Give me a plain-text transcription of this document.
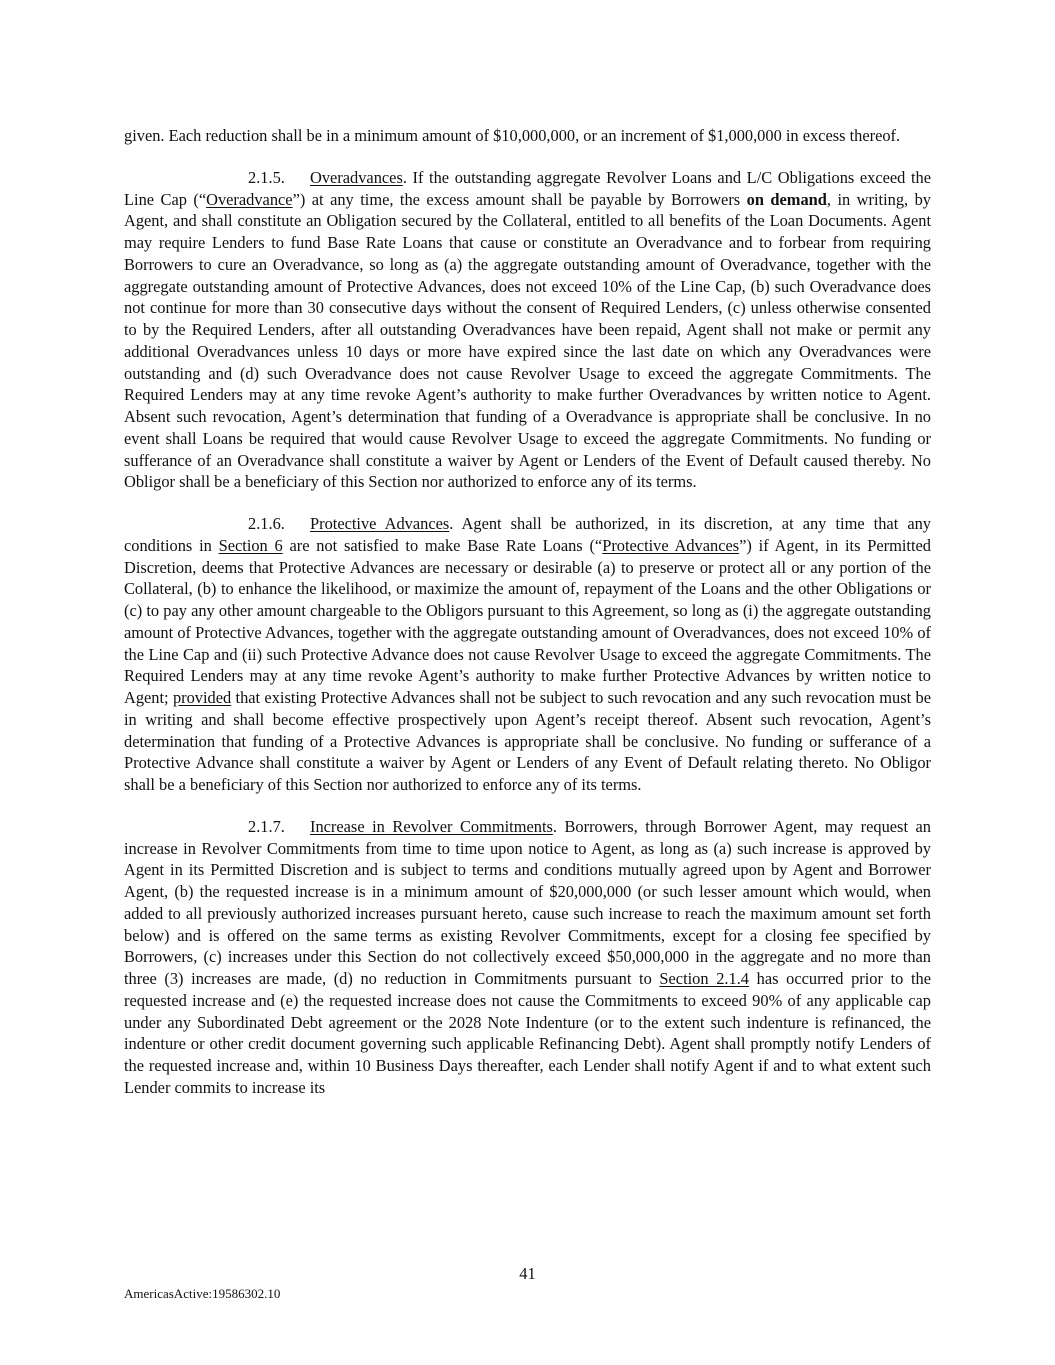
given. Each reduction shall be in a minimum amount of $10,000,000, or an increment of $1,000,000 in excess thereof.

2.1.5. Overadvances. If the outstanding aggregate Revolver Loans and L/C Obligations exceed the Line Cap (“Overadvance”) at any time, the excess amount shall be payable by Borrowers on demand, in writing, by Agent, and shall constitute an Obligation secured by the Collateral, entitled to all benefits of the Loan Documents. Agent may require Lenders to fund Base Rate Loans that cause or constitute an Overadvance and to forbear from requiring Borrowers to cure an Overadvance, so long as (a) the aggregate outstanding amount of Overadvance, together with the aggregate outstanding amount of Protective Advances, does not exceed 10% of the Line Cap, (b) such Overadvance does not continue for more than 30 consecutive days without the consent of Required Lenders, (c) unless otherwise consented to by the Required Lenders, after all outstanding Overadvances have been repaid, Agent shall not make or permit any additional Overadvances unless 10 days or more have expired since the last date on which any Overadvances were outstanding and (d) such Overadvance does not cause Revolver Usage to exceed the aggregate Commitments. The Required Lenders may at any time revoke Agent’s authority to make further Overadvances by written notice to Agent. Absent such revocation, Agent’s determination that funding of a Overadvance is appropriate shall be conclusive. In no event shall Loans be required that would cause Revolver Usage to exceed the aggregate Commitments. No funding or sufferance of an Overadvance shall constitute a waiver by Agent or Lenders of the Event of Default caused thereby. No Obligor shall be a beneficiary of this Section nor authorized to enforce any of its terms.

2.1.6. Protective Advances. Agent shall be authorized, in its discretion, at any time that any conditions in Section 6 are not satisfied to make Base Rate Loans (“Protective Advances”) if Agent, in its Permitted Discretion, deems that Protective Advances are necessary or desirable (a) to preserve or protect all or any portion of the Collateral, (b) to enhance the likelihood, or maximize the amount of, repayment of the Loans and the other Obligations or (c) to pay any other amount chargeable to the Obligors pursuant to this Agreement, so long as (i) the aggregate outstanding amount of Protective Advances, together with the aggregate outstanding amount of Overadvances, does not exceed 10% of the Line Cap and (ii) such Protective Advance does not cause Revolver Usage to exceed the aggregate Commitments. The Required Lenders may at any time revoke Agent’s authority to make further Protective Advances by written notice to Agent; provided that existing Protective Advances shall not be subject to such revocation and any such revocation must be in writing and shall become effective prospectively upon Agent’s receipt thereof. Absent such revocation, Agent’s determination that funding of a Protective Advances is appropriate shall be conclusive. No funding or sufferance of a Protective Advance shall constitute a waiver by Agent or Lenders of any Event of Default relating thereto. No Obligor shall be a beneficiary of this Section nor authorized to enforce any of its terms.

2.1.7. Increase in Revolver Commitments. Borrowers, through Borrower Agent, may request an increase in Revolver Commitments from time to time upon notice to Agent, as long as (a) such increase is approved by Agent in its Permitted Discretion and is subject to terms and conditions mutually agreed upon by Agent and Borrower Agent, (b) the requested increase is in a minimum amount of $20,000,000 (or such lesser amount which would, when added to all previously authorized increases pursuant hereto, cause such increase to reach the maximum amount set forth below) and is offered on the same terms as existing Revolver Commitments, except for a closing fee specified by Borrowers, (c) increases under this Section do not collectively exceed $50,000,000 in the aggregate and no more than three (3) increases are made, (d) no reduction in Commitments pursuant to Section 2.1.4 has occurred prior to the requested increase and (e) the requested increase does not cause the Commitments to exceed 90% of any applicable cap under any Subordinated Debt agreement or the 2028 Note Indenture (or to the extent such indenture is refinanced, the indenture or other credit document governing such applicable Refinancing Debt). Agent shall promptly notify Lenders of the requested increase and, within 10 Business Days thereafter, each Lender shall notify Agent if and to what extent such Lender commits to increase its

41
AmericasActive:19586302.10
